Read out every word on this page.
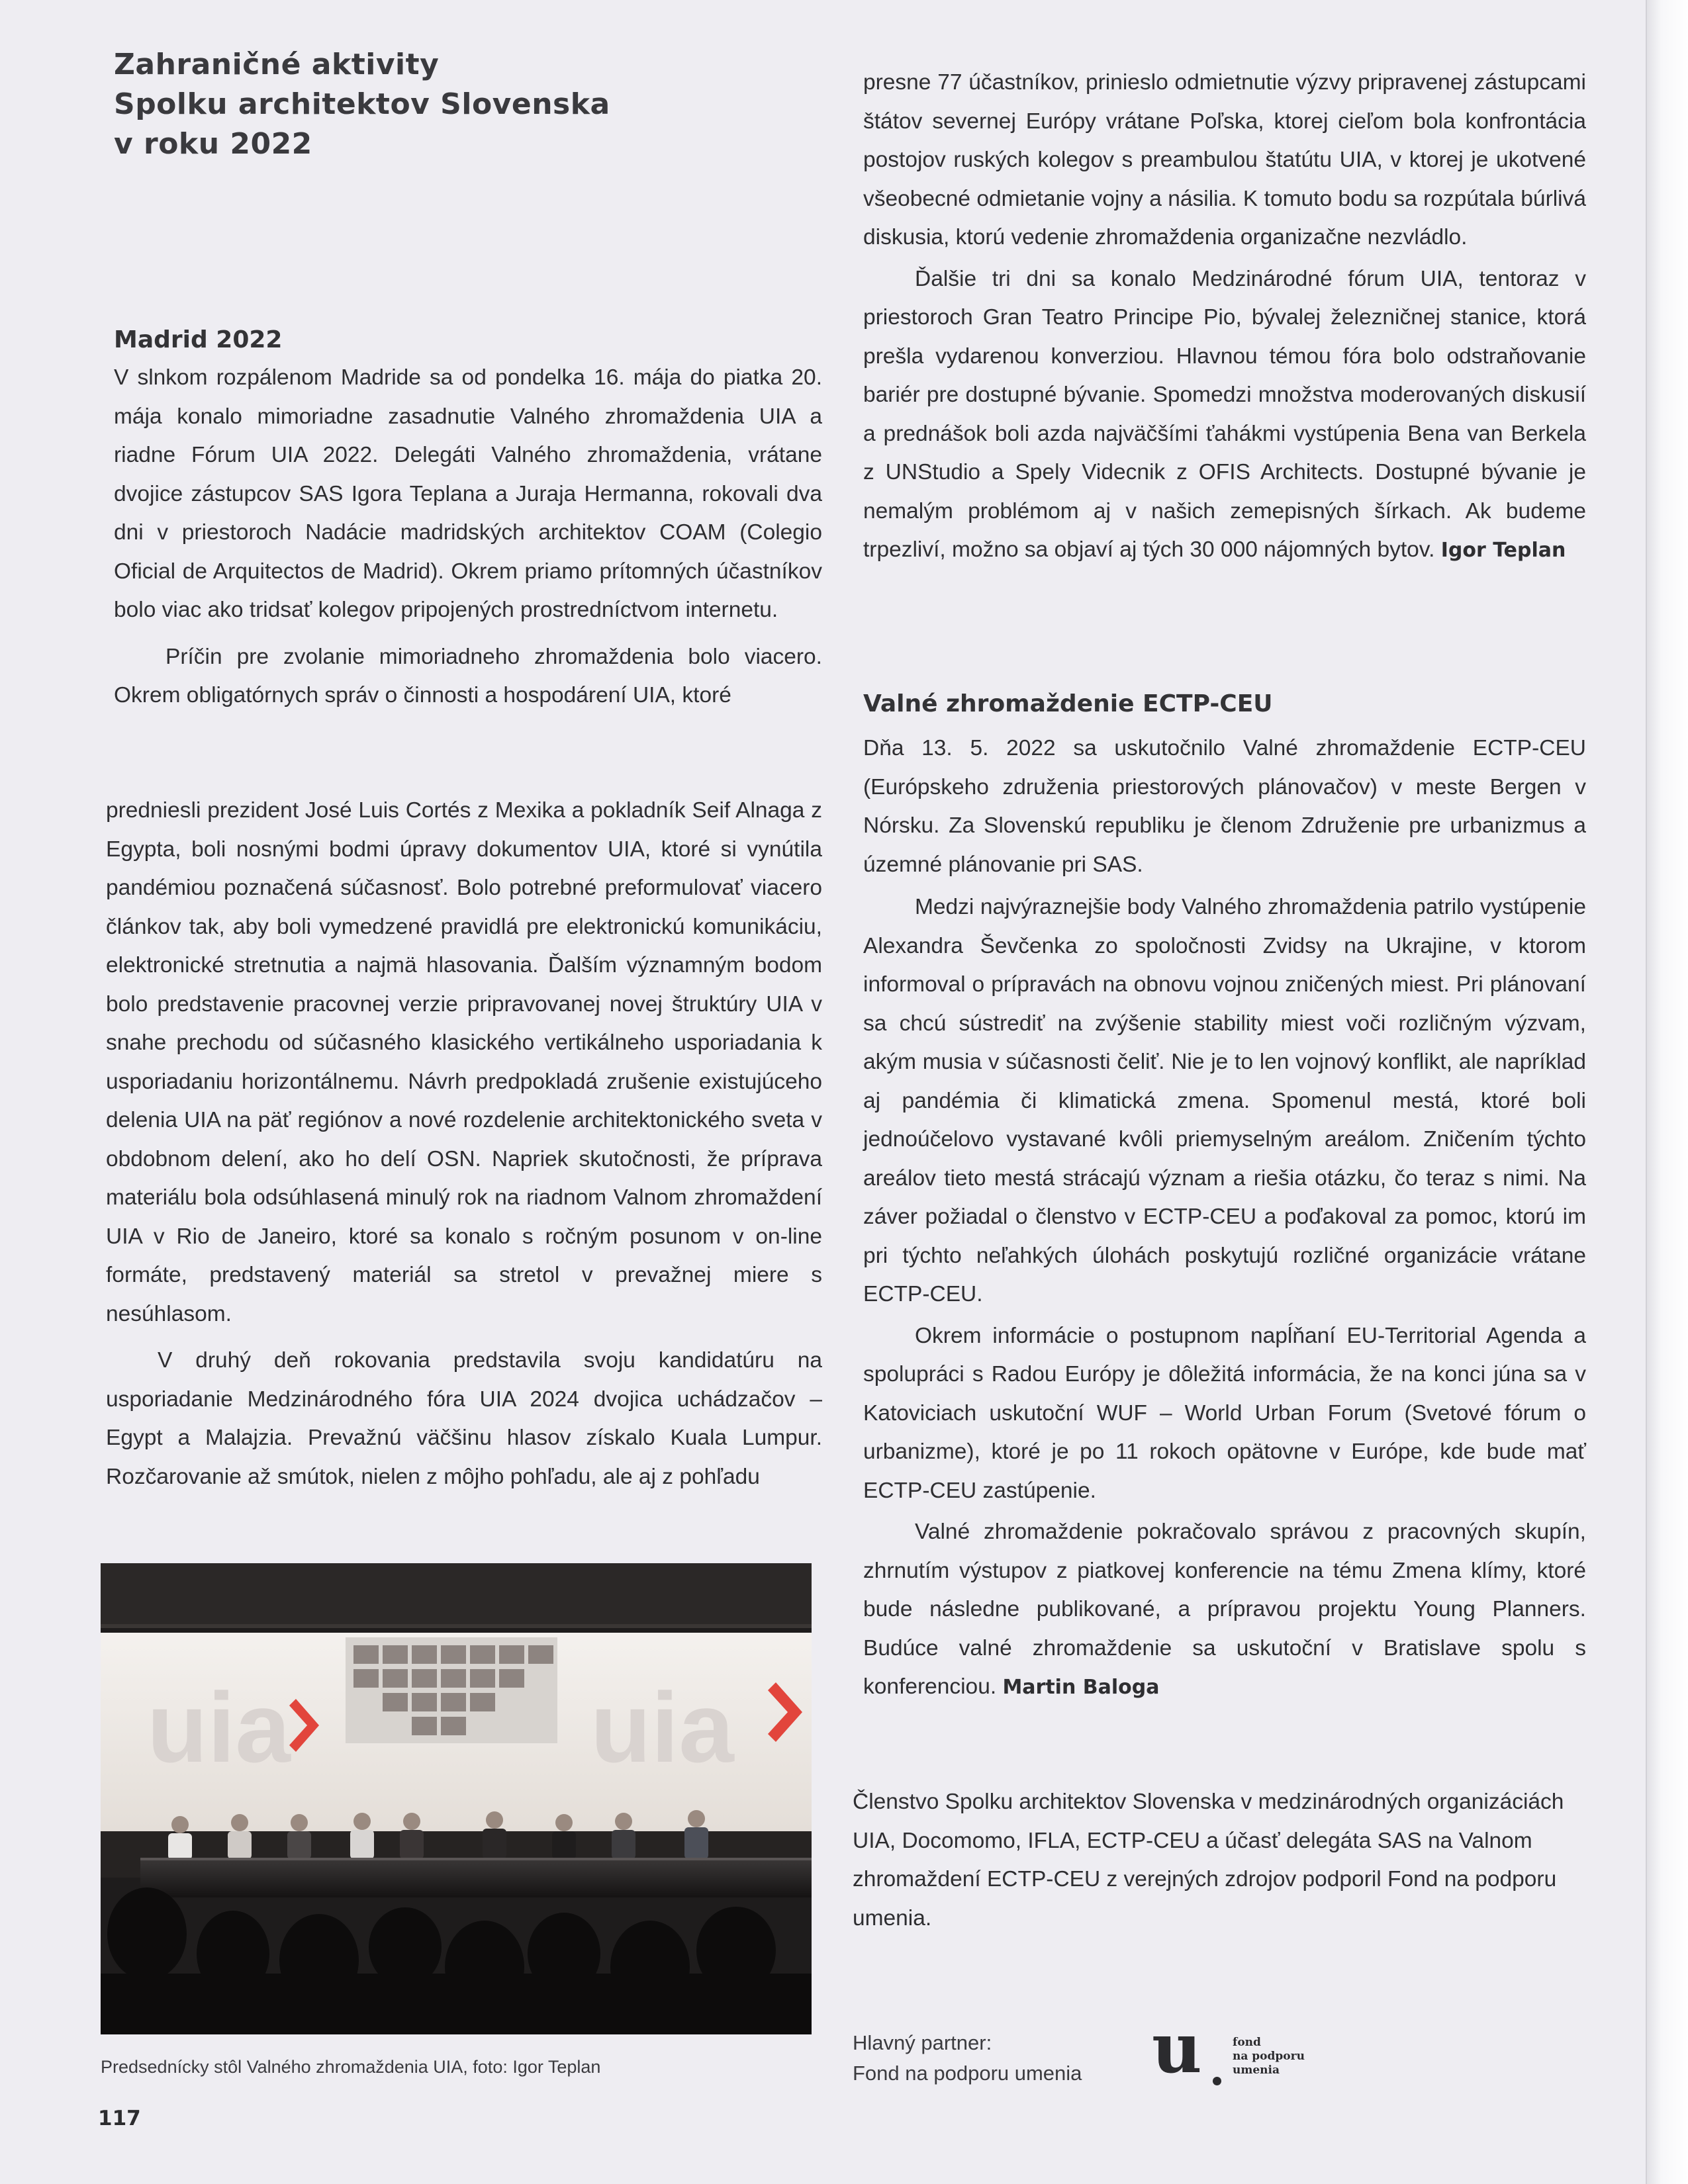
Zahraničné aktivity
Spolku architektov Slovenska
v roku 2022
Madrid 2022

V slnkom rozpálenom Madride sa od pondelka 16. mája do piatka 20. mája konalo mimoriadne zasadnutie Valného zhromaždenia UIA a riadne Fórum UIA 2022. Delegáti Valného zhromaždenia, vrátane dvojice zástupcov SAS Igora Teplana a Juraja Hermanna, rokovali dva dni v priestoroch Nadácie madridských architektov COAM (Colegio Oficial de Arquitectos de Madrid). Okrem priamo prítomných účastníkov bolo viac ako tridsať kolegov pripojených prostredníctvom internetu.

Príčin pre zvolanie mimoriadneho zhromaždenia bolo viacero. Okrem obligatórnych správ o činnosti a hospodárení UIA, ktoré

predniesli prezident José Luis Cortés z Mexika a pokladník Seif Alnaga z Egypta, boli nosnými bodmi úpravy dokumentov UIA, ktoré si vynútila pandémiou poznačená súčasnosť. Bolo potrebné preformulovať viacero článkov tak, aby boli vymedzené pravidlá pre elektronickú komunikáciu, elektronické stretnutia a najmä hlasovania. Ďalším významným bodom bolo predstavenie pracovnej verzie pripravovanej novej štruktúry UIA v snahe prechodu od súčasného klasického vertikálneho usporiadania k usporiadaniu horizontálnemu. Návrh predpokladá zrušenie existujúceho delenia UIA na päť regiónov a nové rozdelenie architektonického sveta v obdobnom delení, ako ho delí OSN. Napriek skutočnosti, že príprava materiálu bola odsúhlasená minulý rok na riadnom Valnom zhromaždení UIA v Rio de Janeiro, ktoré sa konalo s ročným posunom v on-line formáte, predstavený materiál sa stretol v prevažnej miere s nesúhlasom.

V druhý deň rokovania predstavila svoju kandidatúru na usporiadanie Medzinárodného fóra UIA 2024 dvojica uchádzačov – Egypt a Malajzia. Prevažnú väčšinu hlasov získalo Kuala Lumpur. Rozčarovanie až smútok, nielen z môjho pohľadu, ale aj z pohľadu

uia	uia
Predsednícky stôl Valného zhromaždenia UIA, foto: Igor Teplan
117

presne 77 účastníkov, prinieslo odmietnutie výzvy pripravenej zástupcami štátov severnej Európy vrátane Poľska, ktorej cieľom bola konfrontácia postojov ruských kolegov s preambulou štatútu UIA, v ktorej je ukotvené všeobecné odmietanie vojny a násilia. K tomuto bodu sa rozpútala búrlivá diskusia, ktorú vedenie zhromaždenia organizačne nezvládlo.

Ďalšie tri dni sa konalo Medzinárodné fórum UIA, tentoraz v priestoroch Gran Teatro Principe Pio, bývalej železničnej stanice, ktorá prešla vydarenou konverziou. Hlavnou témou fóra bolo odstraňovanie bariér pre dostupné bývanie. Spomedzi množstva moderovaných diskusií a prednášok boli azda najväčšími ťahákmi vystúpenia Bena van Berkela z UNStudio a Spely Videcnik z OFIS Architects. Dostupné bývanie je nemalým problémom aj v našich zemepisných šírkach. Ak budeme trpezliví, možno sa objaví aj tých 30 000 nájomných bytov. Igor Teplan

Valné zhromaždenie ECTP-CEU

Dňa 13. 5. 2022 sa uskutočnilo Valné zhromaždenie ECTP-CEU (Európskeho združenia priestorových plánovačov) v meste Bergen v Nórsku. Za Slovenskú republiku je členom Združenie pre urbanizmus a územné plánovanie pri SAS.

Medzi najvýraznejšie body Valného zhromaždenia patrilo vystúpenie Alexandra Ševčenka zo spoločnosti Zvidsy na Ukrajine, v ktorom informoval o prípravách na obnovu vojnou zničených miest. Pri plánovaní sa chcú sústrediť na zvýšenie stability miest voči rozličným výzvam, akým musia v súčasnosti čeliť. Nie je to len vojnový konflikt, ale napríklad aj pandémia či klimatická zmena. Spomenul mestá, ktoré boli jednoúčelovo vystavané kvôli priemyselným areálom. Zničením týchto areálov tieto mestá strácajú význam a riešia otázku, čo teraz s nimi. Na záver požiadal o členstvo v ECTP-CEU a poďakoval za pomoc, ktorú im pri týchto neľahkých úlohách poskytujú rozličné organizácie vrátane ECTP-CEU.

Okrem informácie o postupnom napĺňaní EU-Territorial Agenda a spolupráci s Radou Európy je dôležitá informácia, že na konci júna sa v Katoviciach uskutoční WUF – World Urban Forum (Svetové fórum o urbanizme), ktoré je po 11 rokoch opätovne v Európe, kde bude mať ECTP-CEU zastúpenie.

Valné zhromaždenie pokračovalo správou z pracovných skupín, zhrnutím výstupov z piatkovej konferencie na tému Zmena klímy, ktoré bude následne publikované, a prípravou projektu Young Planners. Budúce valné zhromaždenie sa uskutoční v Bratislave spolu s konferenciou. Martin Baloga

Členstvo Spolku architektov Slovenska v medzinárodných organizáciách UIA, Docomomo, IFLA, ECTP-CEU a účasť delegáta SAS na Valnom zhromaždení ECTP-CEU z verejných zdrojov podporil Fond na podporu umenia.

Hlavný partner:
Fond na podporu umenia u	fond
na podporu
umenia
